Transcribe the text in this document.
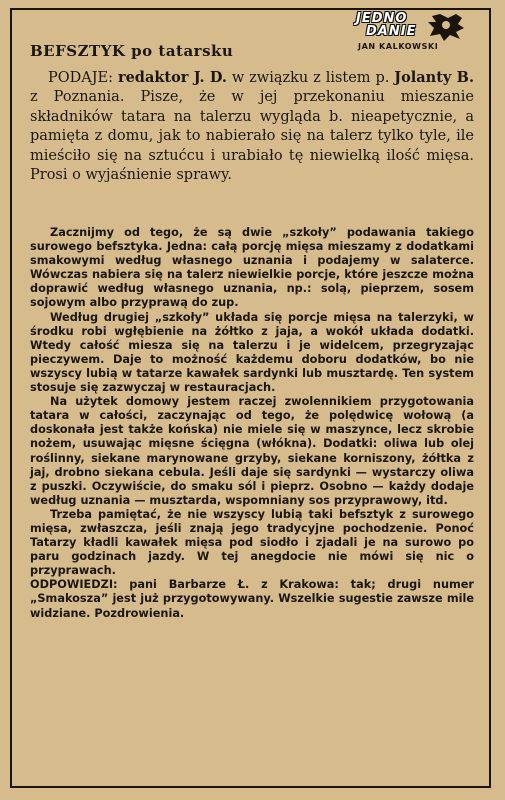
BEFSZTYK po tatarsku
JEDNO
DANIE
JAN KALKOWSKI

PODAJE: redaktor J. D. w związku z listem p. Jolanty B. z Poznania. Pisze, że w jej przekonaniu mieszanie składników tatara na talerzu wygląda b. nieapetycznie, a pamięta z domu, jak to nabierało się na talerz tylko tyle, ile mieściło się na sztućcu i urabiało tę niewielką ilość mięsa. Prosi o wyjaśnienie sprawy.

Zacznijmy od tego, że są dwie „szkoły” podawania takiego surowego befsztyka. Jedna: całą porcję mięsa mieszamy z dodatkami smakowymi według własnego uznania i podajemy w salaterce. Wówczas nabiera się na talerz niewielkie porcje, które jeszcze można doprawić według własnego uznania, np.: solą, pieprzem, sosem sojowym albo przyprawą do zup.

Według drugiej „szkoły” układa się porcje mięsa na talerzyki, w środku robi wgłębienie na żółtko z jaja, a wokół układa dodatki. Wtedy całość miesza się na talerzu i je widelcem, przegryzając pieczywem. Daje to możność każdemu doboru dodatków, bo nie wszyscy lubią w tatarze kawałek sardynki lub musztardę. Ten system stosuje się zazwyczaj w restauracjach.

Na użytek domowy jestem raczej zwolennikiem przygotowania tatara w całości, zaczynając od tego, że polędwicę wołową (a doskonała jest także końska) nie miele się w maszynce, lecz skrobie nożem, usuwając mięsne ścięgna (włókna). Dodatki: oliwa lub olej roślinny, siekane marynowane grzyby, siekane korniszony, żółtka z jaj, drobno siekana cebula. Jeśli daje się sardynki — wystarczy oliwa z puszki. Oczywiście, do smaku sól i pieprz. Osobno — każdy dodaje według uznania — musztarda, wspomniany sos przyprawowy, itd.

Trzeba pamiętać, że nie wszyscy lubią taki befsztyk z surowego mięsa, zwłaszcza, jeśli znają jego tradycyjne pochodzenie. Ponoć Tatarzy kładli kawałek mięsa pod siodło i zjadali je na surowo po paru godzinach jazdy. W tej anegdocie nie mówi się nic o przyprawach.

ODPOWIEDZI: pani Barbarze Ł. z Krakowa: tak; drugi numer „Smakosza” jest już przygotowywany. Wszelkie sugestie zawsze mile widziane. Pozdrowienia.
